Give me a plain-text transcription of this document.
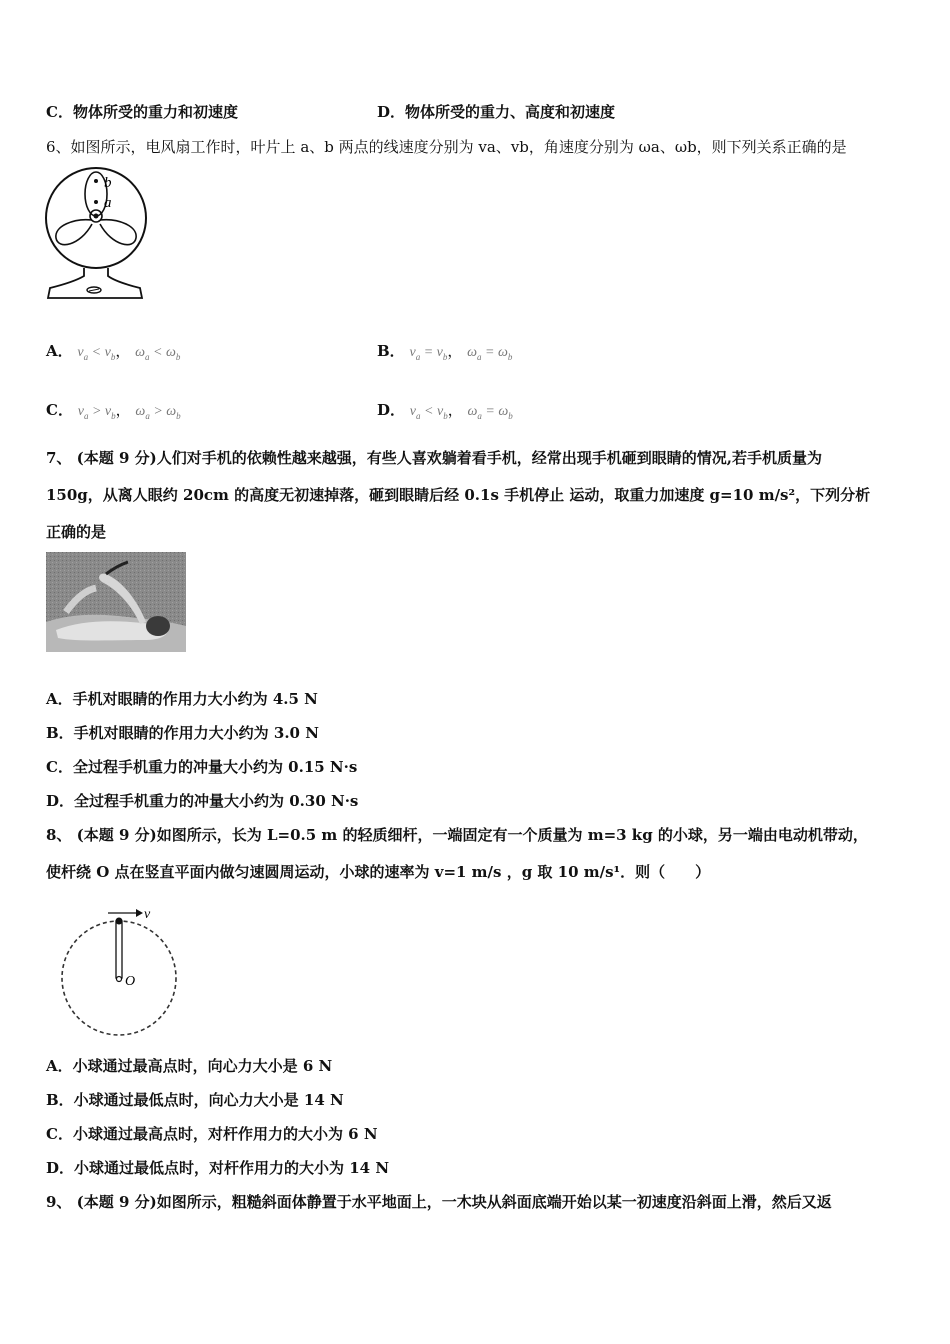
C．物体所受的重力和初速度	D．物体所受的重力、高度和初速度
6、如图所示，电风扇工作时，叶片上 a、b 两点的线速度分别为 va、vb，角速度分别为 ωa、ωb，则下列关系正确的是
b
a
A． $v_a < v_b$， $\omega_a < \omega_b$	B． $v_a = v_b$， $\omega_a = \omega_b$
C． $v_a > v_b$， $\omega_a > \omega_b$	D． $v_a < v_b$， $\omega_a = \omega_b$
7、 (本题 9 分)人们对手机的依赖性越来越强，有些人喜欢躺着看手机，经常出现手机砸到眼睛的情况,若手机质量为
150g，从离人眼约 20cm 的高度无初速掉落，砸到眼睛后经 0.1s 手机停止 运动，取重力加速度 g=10 m/s²，下列分析
正确的是
A．手机对眼睛的作用力大小约为 4.5 N
B．手机对眼睛的作用力大小约为 3.0 N
C．全过程手机重力的冲量大小约为 0.15 N·s
D．全过程手机重力的冲量大小约为 0.30 N·s
8、 (本题 9 分)如图所示，长为 L=0.5 m 的轻质细杆，一端固定有一个质量为 m=3 kg 的小球，另一端由电动机带动，
使杆绕 O 点在竖直平面内做匀速圆周运动，小球的速率为 v=1 m/s ，g 取 10 m/s¹．则（　　）
v
O
A．小球通过最高点时，向心力大小是 6 N
B．小球通过最低点时，向心力大小是 14 N
C．小球通过最高点时，对杆作用力的大小为 6 N
D．小球通过最低点时，对杆作用力的大小为 14 N
9、 (本题 9 分)如图所示，粗糙斜面体静置于水平地面上，一木块从斜面底端开始以某一初速度沿斜面上滑，然后又返
